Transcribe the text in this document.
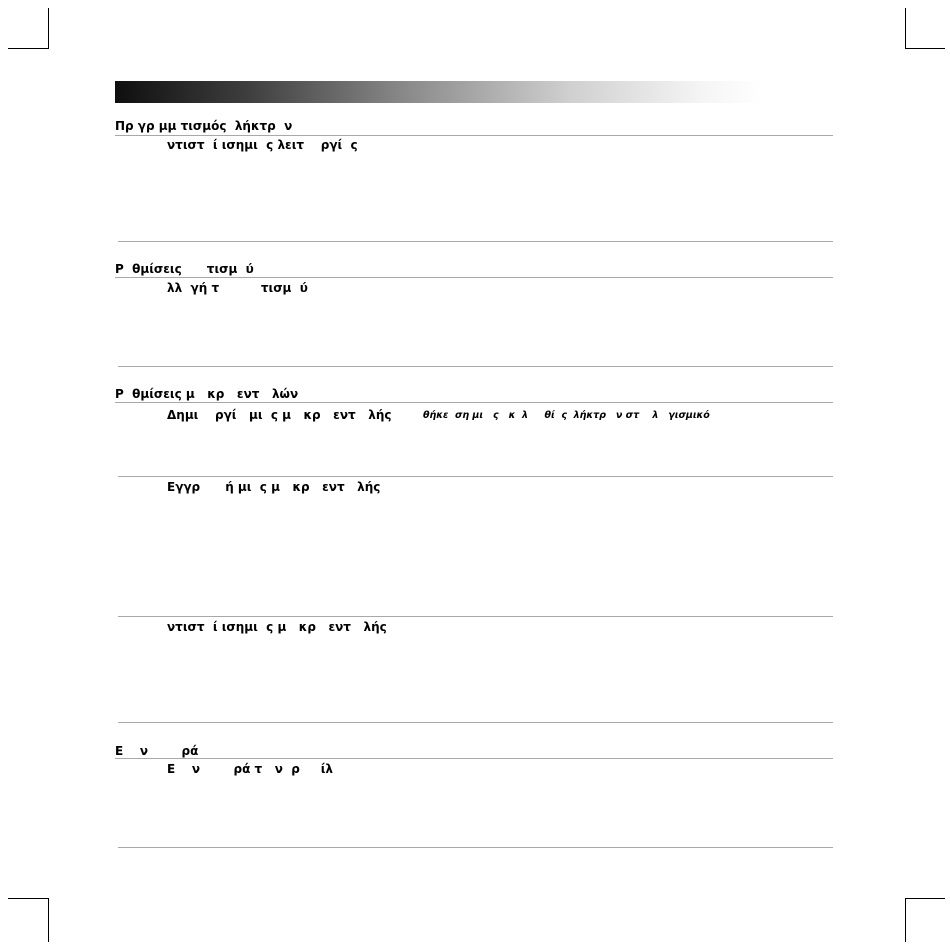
Πρ γρ μμ τισμός  λήκτρ  ν
ντιστ  ί ισημι  ς λειτ    ργί  ς
Ρ  θμίσεις      τισμ  ύ
λλ  γή τ          τισμ  ύ
Ρ  θμίσεις μ   κρ   εντ   λών
Δημι    ργί   μι  ς μ   κρ   εντ   λής	θήκε  ση μι   ς   κ  λ     θί  ς  λήκτρ   ν στ    λ   γισμικό
Εγγρ      ή μι  ς μ   κρ   εντ   λής
ντιστ  ί ισημι  ς μ   κρ   εντ   λής
Ε    ν        ρά
Ε    ν        ρά τ   ν  ρ     ίλ
